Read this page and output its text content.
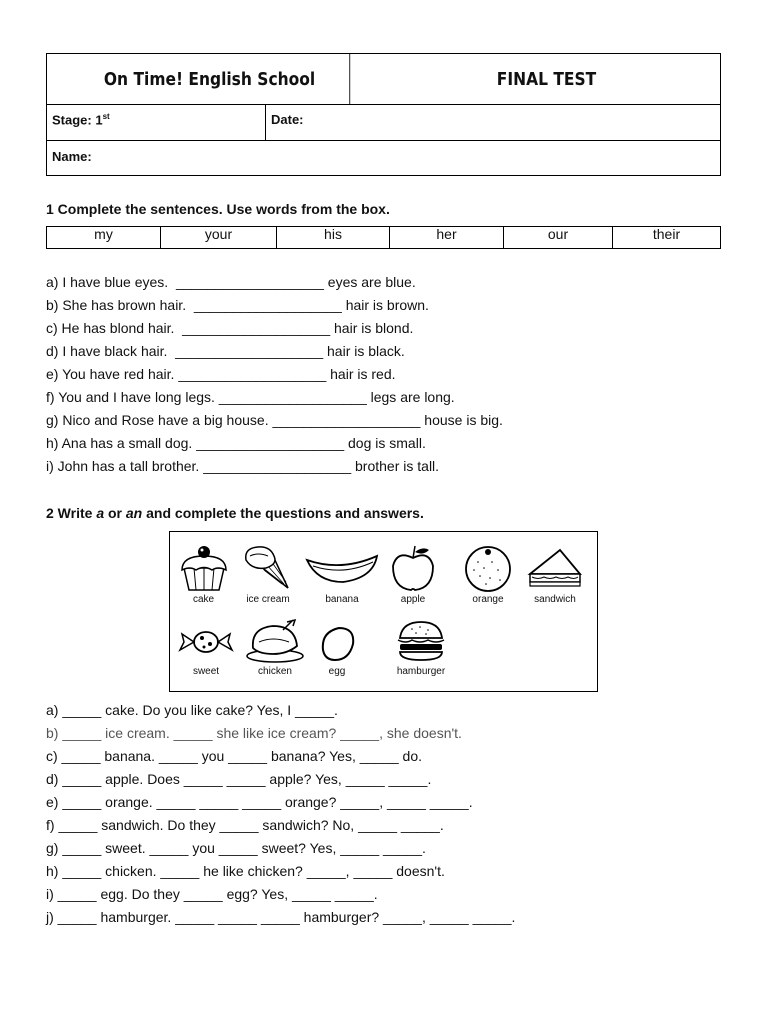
On Time! English School	FINAL TEST
Stage: 1st	Date:
Name:
1 Complete the sentences. Use words from the box.
my	your	his	her	our	their
a) I have blue eyes.  ___________________ eyes are blue.
b) She has brown hair.  ___________________ hair is brown.
c) He has blond hair.  ___________________ hair is blond.
d) I have black hair.  ___________________ hair is black.
e) You have red hair. ___________________ hair is red.
f) You and I have long legs. ___________________ legs are long.
g) Nico and Rose have a big house. ___________________ house is big.
h) Ana has a small dog. ___________________ dog is small.
i) John has a tall brother. ___________________ brother is tall.
2 Write a or an and complete the questions and answers.
cake	ice cream	banana	apple	orange	sandwich
sweet	chicken	egg	hamburger
a) _____ cake. Do you like cake? Yes, I _____.
b) _____ ice cream. _____ she like ice cream? _____, she doesn't.
c) _____ banana. _____ you _____ banana? Yes, _____ do.
d) _____ apple. Does _____ _____ apple? Yes, _____ _____.
e) _____ orange. _____ _____ _____ orange? _____, _____ _____.
f) _____ sandwich. Do they _____ sandwich? No, _____ _____.
g) _____ sweet. _____ you _____ sweet? Yes, _____ _____.
h) _____ chicken. _____ he like chicken? _____, _____ doesn't.
i) _____ egg. Do they _____ egg? Yes, _____ _____.
j) _____ hamburger. _____ _____ _____ hamburger? _____, _____ _____.
